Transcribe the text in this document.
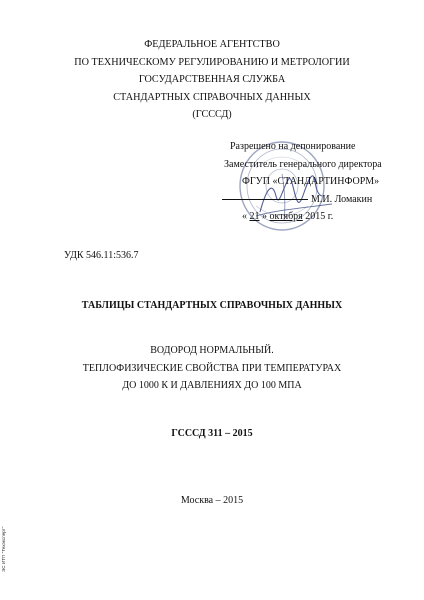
ФЕДЕРАЛЬНОЕ АГЕНТСТВО
ПО ТЕХНИЧЕСКОМУ РЕГУЛИРОВАНИЮ И МЕТРОЛОГИИ
ГОСУДАРСТВЕННАЯ СЛУЖБА
СТАНДАРТНЫХ СПРАВОЧНЫХ ДАННЫХ
(ГСССД)
Разрешено на депонирование
Заместитель генерального директора
ФГУП «СТАНДАРТИНФОРМ»
М.И. Ломакин
« 21 » октября 2015 г.
УДК 546.11:536.7
ТАБЛИЦЫ СТАНДАРТНЫХ СПРАВОЧНЫХ ДАННЫХ
ВОДОРОД НОРМАЛЬНЫЙ.
ТЕПЛОФИЗИЧЕСКИЕ СВОЙСТВА ПРИ ТЕМПЕРАТУРАХ
ДО 1000 К И ДАВЛЕНИЯХ ДО 100 МПА
ГСССД 311 – 2015
Москва – 2015
ЭС ИТП "Техэксперт"
